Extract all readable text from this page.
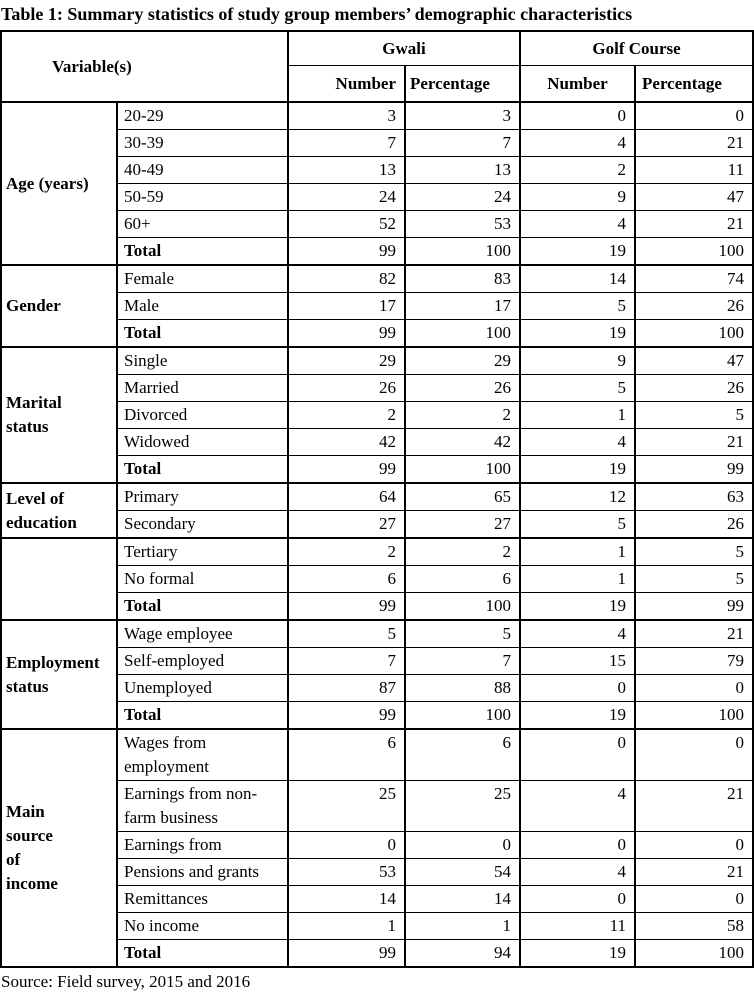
Table 1: Summary statistics of study group members’ demographic characteristics
Variable(s)		Gwali		Golf Course	
		Number	Percentage	Number	Percentage
Age (years)	20-29	3	3	0	0
	30-39	7	7	4	21
	40-49	13	13	2	11
	50-59	24	24	9	47
	60+	52	53	4	21
	Total	99	100	19	100
Gender	Female	82	83	14	74
	Male	17	17	5	26
	Total	99	100	19	100
Marital
status	Single	29	29	9	47
	Married	26	26	5	26
	Divorced	2	2	1	5
	Widowed	42	42	4	21
	Total	99	100	19	99
Level of
education	Primary	64	65	12	63
	Secondary	27	27	5	26
	Tertiary	2	2	1	5
	No formal	6	6	1	5
	Total	99	100	19	99
Employment
status	Wage employee	5	5	4	21
	Self-employed	7	7	15	79
	Unemployed	87	88	0	0
	Total	99	100	19	100
Main
source
of
income	Wages from employment	6	6	0	0
	Earnings from non-farm business	25	25	4	21
	Earnings from	0	0	0	0
	Pensions and grants	53	54	4	21
	Remittances	14	14	0	0
	No income	1	1	11	58
	Total	99	94	19	100
Source: Field survey, 2015 and 2016
